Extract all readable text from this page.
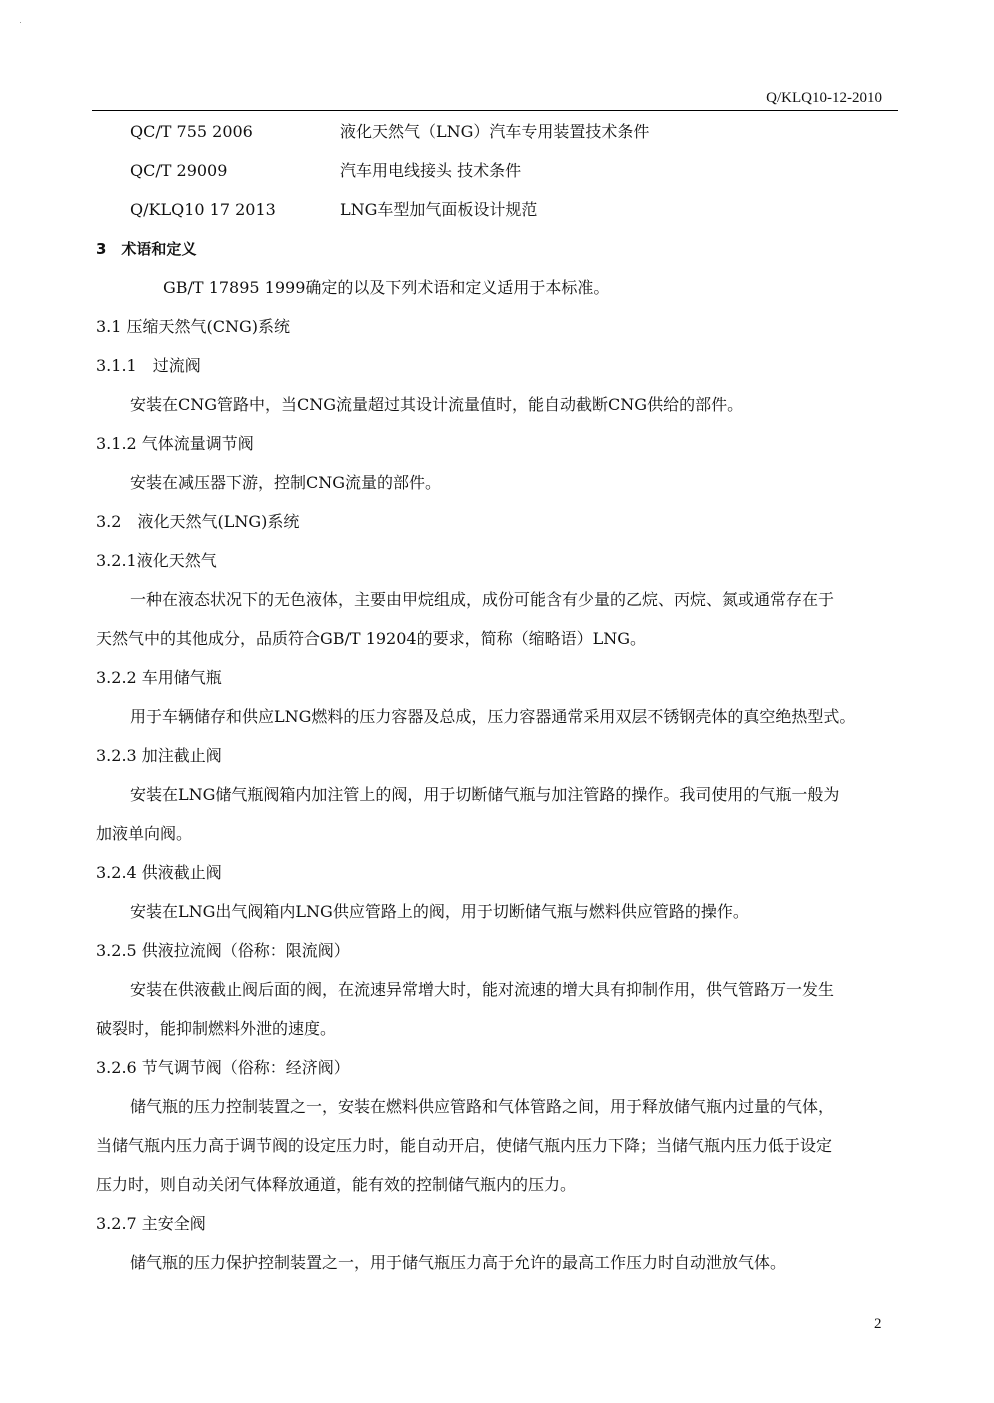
Q/KLQ10-12-2010
QC/T 755 2006	液化天然气（LNG）汽车专用装置技术条件
QC/T 29009	汽车用电线接头 技术条件
Q/KLQ10 17 2013	LNG车型加气面板设计规范
3　术语和定义
GB/T 17895 1999确定的以及下列术语和定义适用于本标准。
3.1 压缩天然气(CNG)系统
3.1.1　过流阀
安装在CNG管路中，当CNG流量超过其设计流量值时，能自动截断CNG供给的部件。
3.1.2 气体流量调节阀
安装在减压器下游，控制CNG流量的部件。
3.2　液化天然气(LNG)系统
3.2.1液化天然气
一种在液态状况下的无色液体，主要由甲烷组成，成份可能含有少量的乙烷、丙烷、氮或通常存在于
天然气中的其他成分，品质符合GB/T 19204的要求，简称（缩略语）LNG。
3.2.2 车用储气瓶
用于车辆储存和供应LNG燃料的压力容器及总成，压力容器通常采用双层不锈钢壳体的真空绝热型式。
3.2.3 加注截止阀
安装在LNG储气瓶阀箱内加注管上的阀，用于切断储气瓶与加注管路的操作。我司使用的气瓶一般为
加液单向阀。
3.2.4 供液截止阀
安装在LNG出气阀箱内LNG供应管路上的阀，用于切断储气瓶与燃料供应管路的操作。
3.2.5 供液拉流阀（俗称：限流阀）
安装在供液截止阀后面的阀，在流速异常增大时，能对流速的增大具有抑制作用，供气管路万一发生
破裂时，能抑制燃料外泄的速度。
3.2.6 节气调节阀（俗称：经济阀）
储气瓶的压力控制装置之一，安装在燃料供应管路和气体管路之间，用于释放储气瓶内过量的气体，
当储气瓶内压力高于调节阀的设定压力时，能自动开启，使储气瓶内压力下降；当储气瓶内压力低于设定
压力时，则自动关闭气体释放通道，能有效的控制储气瓶内的压力。
3.2.7 主安全阀
储气瓶的压力保护控制装置之一，用于储气瓶压力高于允许的最高工作压力时自动泄放气体。
2
